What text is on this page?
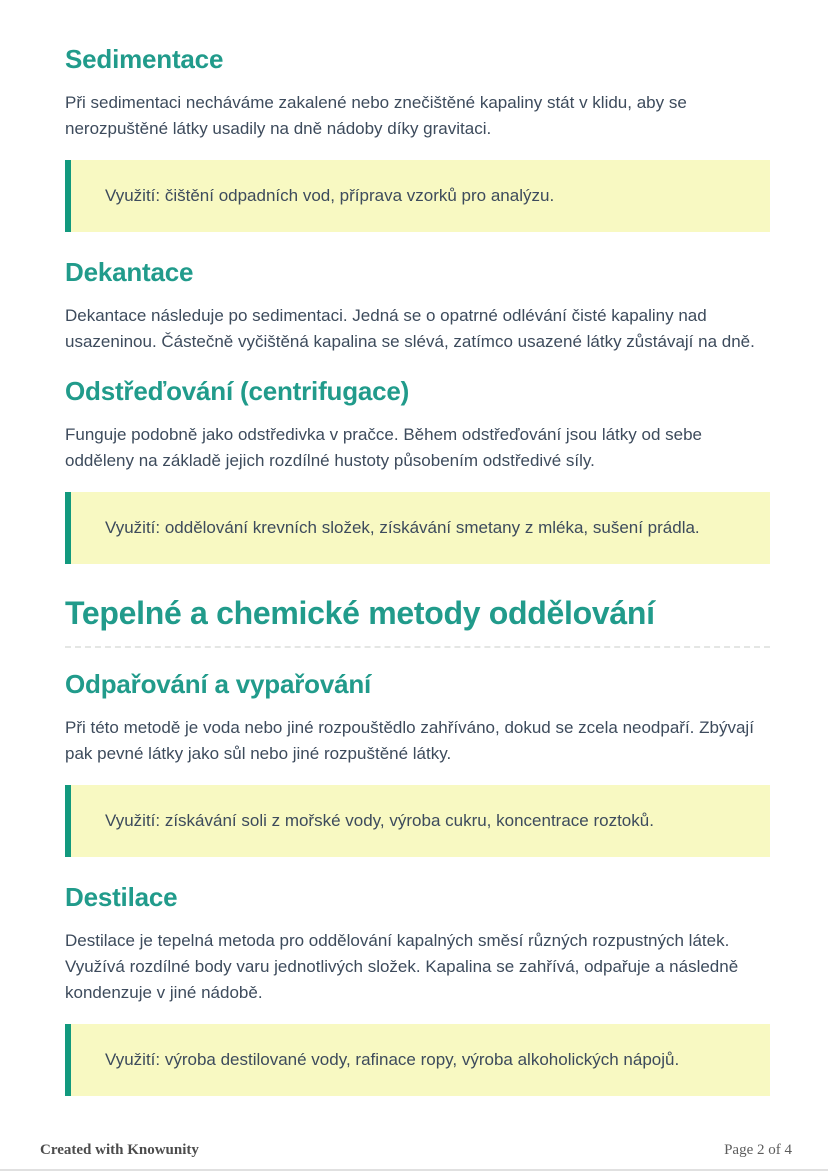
Sedimentace

Při sedimentaci necháváme zakalené nebo znečištěné kapaliny stát v klidu, aby se nerozpuštěné látky usadily na dně nádoby díky gravitaci.

Využití: čištění odpadních vod, příprava vzorků pro analýzu.

Dekantace

Dekantace následuje po sedimentaci. Jedná se o opatrné odlévání čisté kapaliny nad usazeninou. Částečně vyčištěná kapalina se slévá, zatímco usazené látky zůstávají na dně.

Odstřeďování (centrifugace)

Funguje podobně jako odstředivka v pračce. Během odstřeďování jsou látky od sebe odděleny na základě jejich rozdílné hustoty působením odstředivé síly.

Využití: oddělování krevních složek, získávání smetany z mléka, sušení prádla.

Tepelné a chemické metody oddělování
Odpařování a vypařování

Při této metodě je voda nebo jiné rozpouštědlo zahříváno, dokud se zcela neodpaří. Zbývají pak pevné látky jako sůl nebo jiné rozpuštěné látky.

Využití: získávání soli z mořské vody, výroba cukru, koncentrace roztoků.

Destilace

Destilace je tepelná metoda pro oddělování kapalných směsí různých rozpustných látek. Využívá rozdílné body varu jednotlivých složek. Kapalina se zahřívá, odpařuje a následně kondenzuje v jiné nádobě.

Využití: výroba destilované vody, rafinace ropy, výroba alkoholických nápojů.

Created with Knowunity	Page 2 of 4
